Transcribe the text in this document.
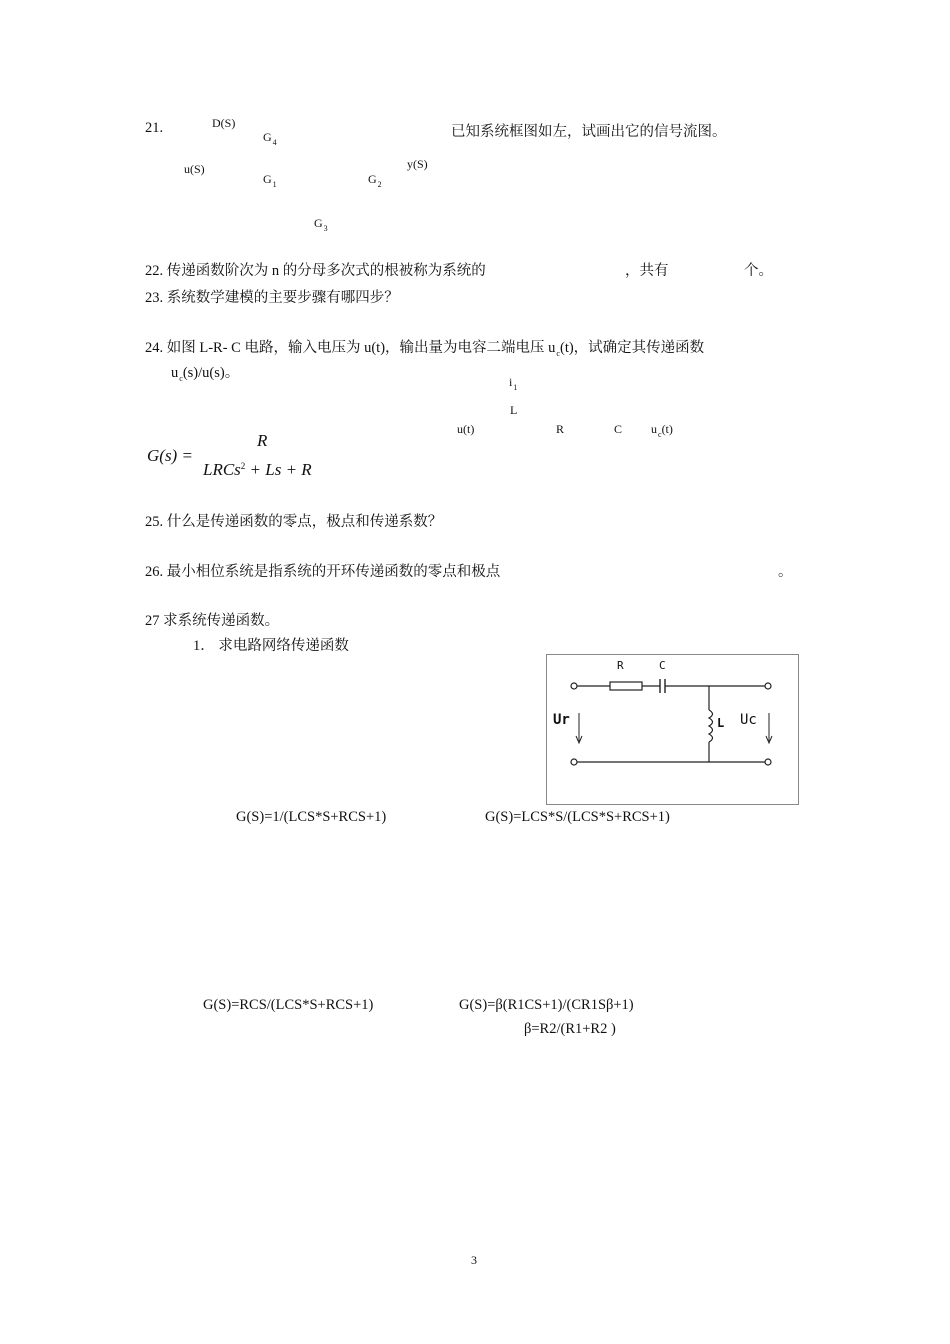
21.	D(S)
$G_4$
已知系统框图如左，试画出它的信号流图。
u(S)	y(S)
$G_1$	$G_2$
$G_3$
22. 传递函数阶次为 n 的分母多次式的根被称为系统的	，共有	个。
23. 系统数学建模的主要步骤有哪四步？
24. 如图 L-R- C 电路，输入电压为 u(t)，输出量为电容二端电压 $u_c(t)$，试确定其传递函数
$u_c(s)/u(s)$。
$i_1$
L
u(t)	R	C $u_c(t)$
G(s) =
R
LRCs$^2$ + Ls + R
25. 什么是传递函数的零点，极点和传递系数？
26. 最小相位系统是指系统的开环传递函数的零点和极点	。
27 求系统传递函数。
1． 求电路网络传递函数
R	C
Ur	L Uc
G(S)=1/(LCS*S+RCS+1)	G(S)=LCS*S/(LCS*S+RCS+1)
G(S)=RCS/(LCS*S+RCS+1)	G(S)=β(R1CS+1)/(CR1Sβ+1)
β=R2/(R1+R2 )
3
